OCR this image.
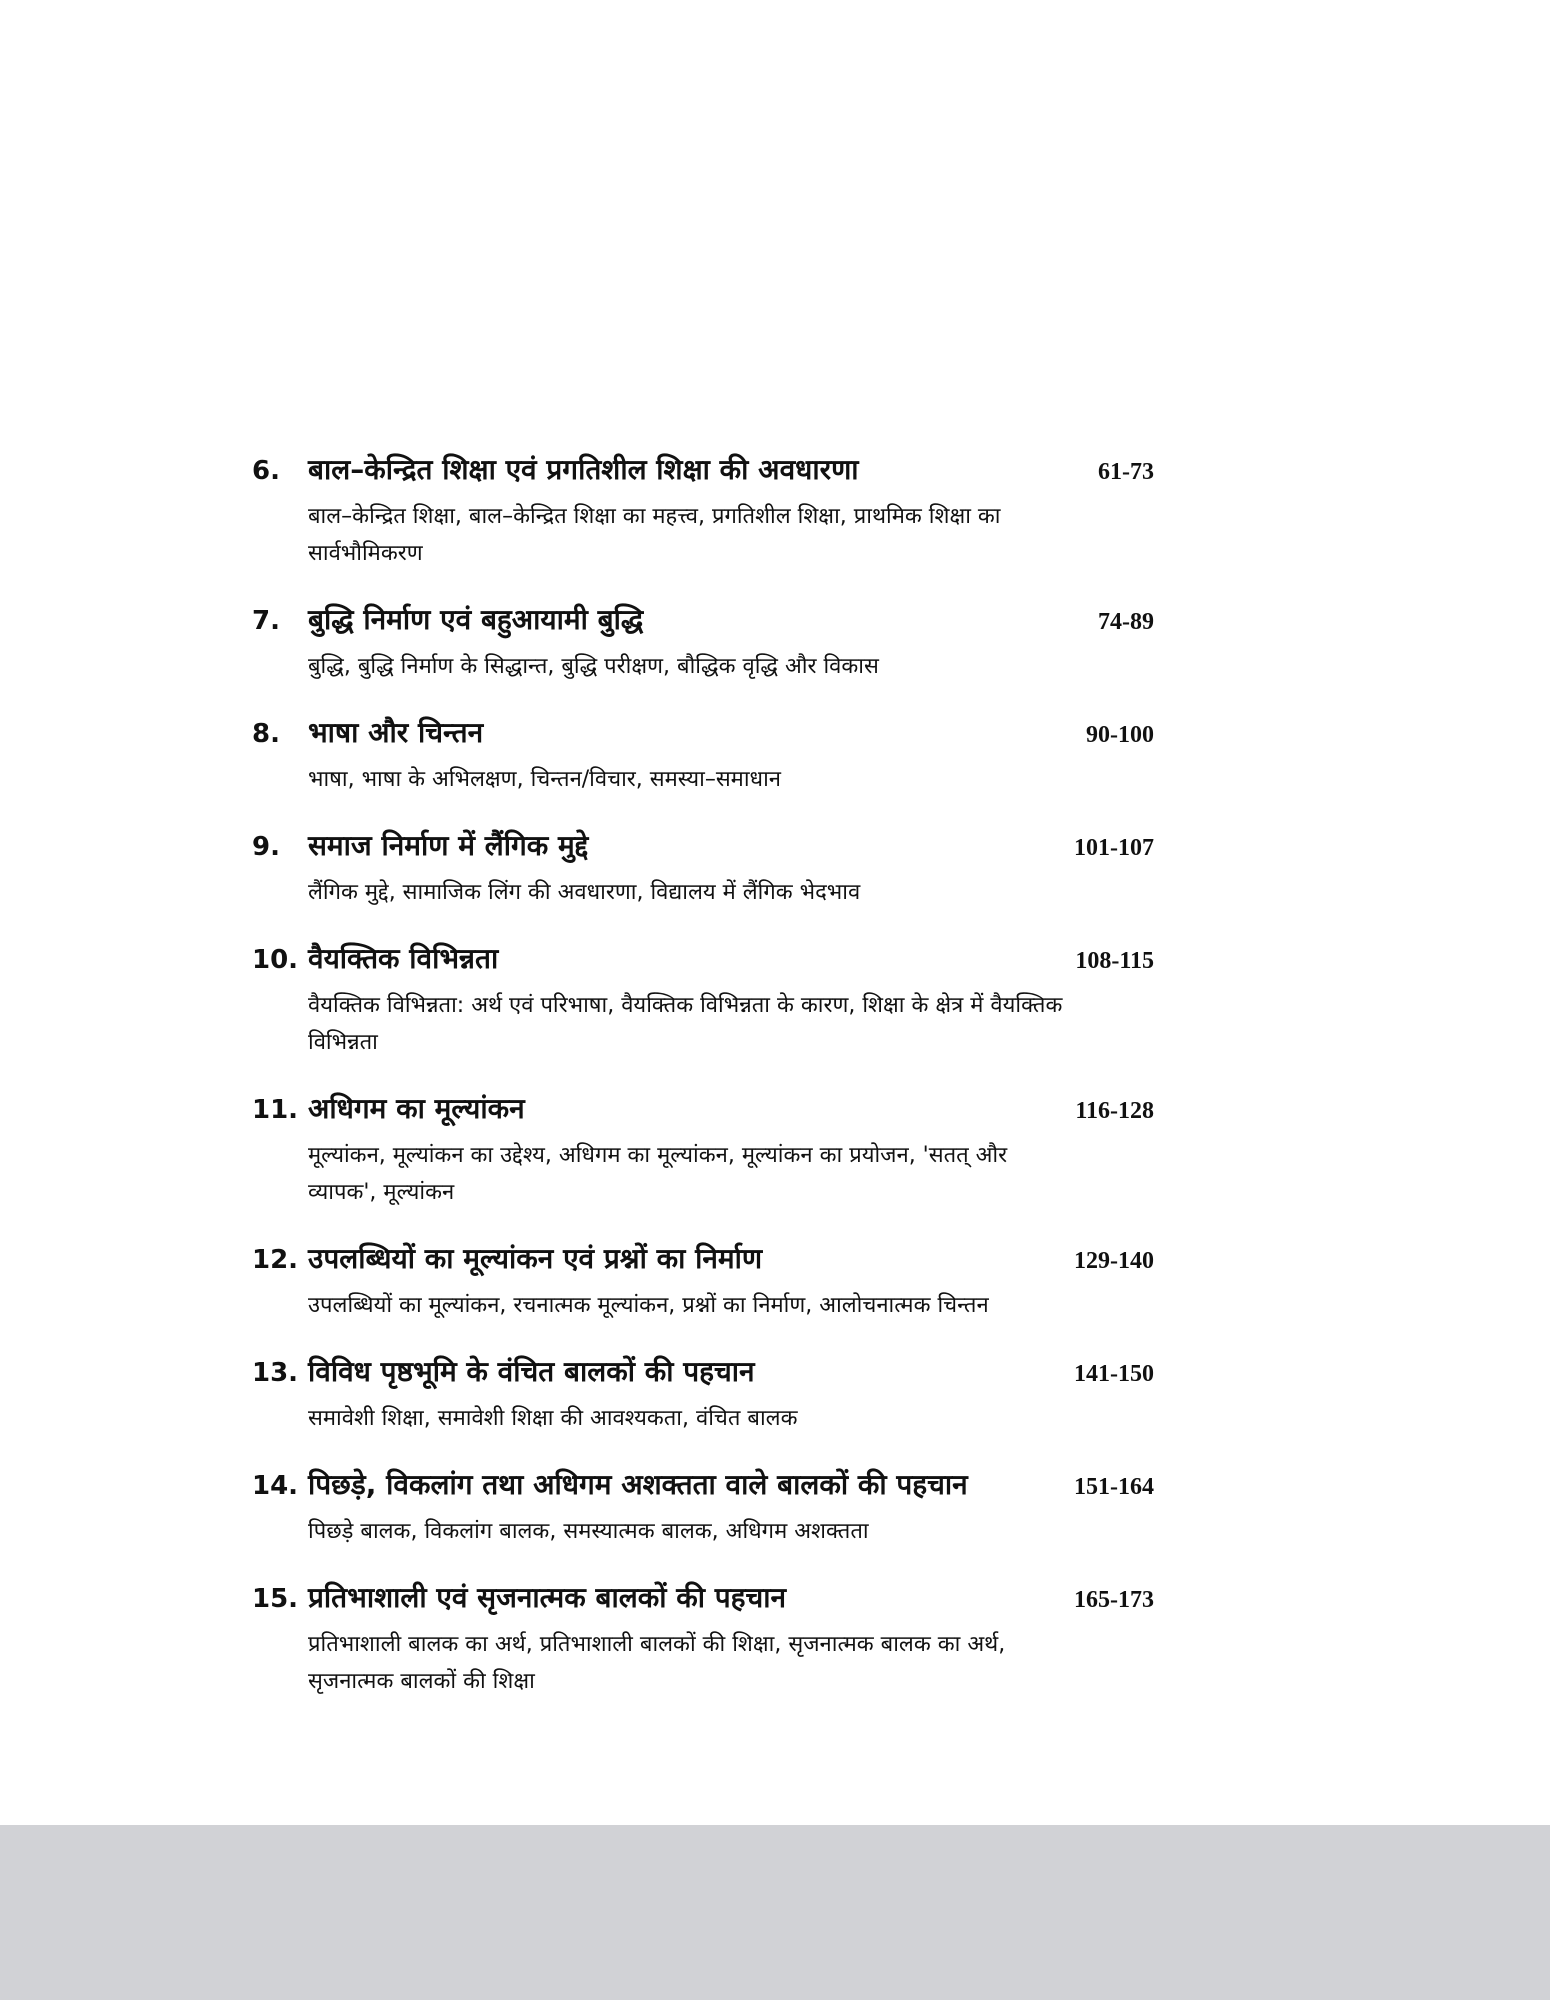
6.	बाल–केन्द्रित शिक्षा एवं प्रगतिशील शिक्षा की अवधारणा	61-73
बाल–केन्द्रित शिक्षा, बाल–केन्द्रित शिक्षा का महत्त्व, प्रगतिशील शिक्षा, प्राथमिक शिक्षा का सार्वभौमिकरण
7.	बुद्धि निर्माण एवं बहुआयामी बुद्धि	74-89
बुद्धि, बुद्धि निर्माण के सिद्धान्त, बुद्धि परीक्षण, बौद्धिक वृद्धि और विकास
8.	भाषा और चिन्तन	90-100
भाषा, भाषा के अभिलक्षण, चिन्तन/विचार, समस्या–समाधान
9.	समाज निर्माण में लैंगिक मुद्दे	101-107
लैंगिक मुद्दे, सामाजिक लिंग की अवधारणा, विद्यालय में लैंगिक भेदभाव
10. वैयक्तिक विभिन्नता	108-115
वैयक्तिक विभिन्नता: अर्थ एवं परिभाषा, वैयक्तिक विभिन्नता के कारण, शिक्षा के क्षेत्र में वैयक्तिक विभिन्नता
11. अधिगम का मूल्यांकन	116-128
मूल्यांकन, मूल्यांकन का उद्देश्य, अधिगम का मूल्यांकन, मूल्यांकन का प्रयोजन, 'सतत् और व्यापक', मूल्यांकन
12. उपलब्धियों का मूल्यांकन एवं प्रश्नों का निर्माण	129-140
उपलब्धियों का मूल्यांकन, रचनात्मक मूल्यांकन, प्रश्नों का निर्माण, आलोचनात्मक चिन्तन
13. विविध पृष्ठभूमि के वंचित बालकों की पहचान	141-150
समावेशी शिक्षा, समावेशी शिक्षा की आवश्यकता, वंचित बालक
14. पिछड़े, विकलांग तथा अधिगम अशक्तता वाले बालकों की पहचान	151-164
पिछड़े बालक, विकलांग बालक, समस्यात्मक बालक, अधिगम अशक्तता
15. प्रतिभाशाली एवं सृजनात्मक बालकों की पहचान	165-173
प्रतिभाशाली बालक का अर्थ, प्रतिभाशाली बालकों की शिक्षा, सृजनात्मक बालक का अर्थ, सृजनात्मक बालकों की शिक्षा
